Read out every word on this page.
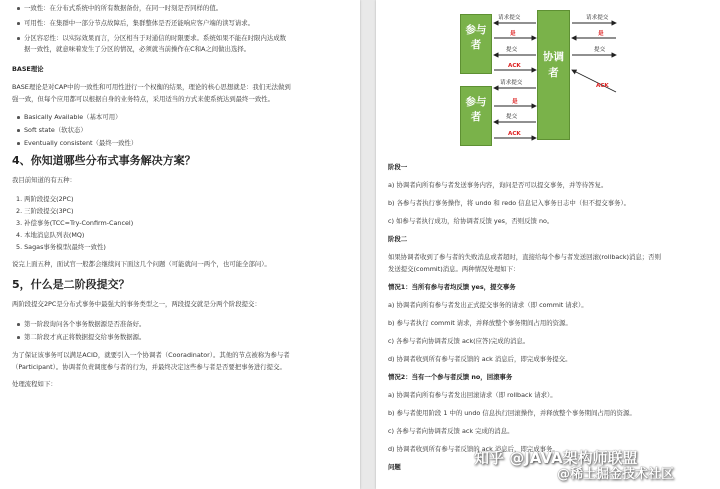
一致性：在分布式系统中的所有数据备份，在同一时刻是否同样的值。
可用性：在集群中一部分节点故障后，集群整体是否还能响应客户端的读写请求。
分区容忍性：以实际效果而言，分区相当于对通信的时限要求。系统如果不能在时限内达成数
据一致性，就意味着发生了分区的情况，必须就当前操作在C和A之间做出选择。
BASE理论
BASE理论是对CAP中的一致性和可用性进行一个权衡的结果，理论的核心思想就是：我们无法做到
强一致，但每个应用都可以根据自身的业务特点，采用适当的方式来使系统达到最终一致性。
Basically Available（基本可用）
Soft state（软状态）
Eventually consistent（最终一致性）
4、你知道哪些分布式事务解决方案？
我目前知道的有五种：
1. 两阶段提交(2PC)
2. 三阶段提交(3PC)
3. 补偿事务(TCC=Try-Confirm-Cancel)
4. 本地消息队列表(MQ)
5. Sagas事务模型(最终一致性)
说完上面五种，面试官一般都会继续问下面这几个问题（可能就问一两个，也可能全部问）。
5，什么是二阶段提交？
两阶段提交2PC是分布式事务中最强大的事务类型之一，两段提交就是分两个阶段提交：
第一阶段询问各个事务数据源是否准备好。
第二阶段才真正将数据提交给事务数据源。
为了保证该事务可以满足ACID，就要引入一个协调者（Cooradinator）。其他的节点被称为参与者
（Participant）。协调者负责调度参与者的行为，并最终决定这些参与者是否要把事务进行提交。
处理流程如下：
参与者
参与者
协调者
请求提交
是
提交
ACK
请求提交
是
提交
ACK
请求提交
是
提交
ACK
阶段一
a) 协调者向所有参与者发送事务内容，询问是否可以提交事务，并等待答复。
b) 各参与者执行事务操作，将 undo 和 redo 信息记入事务日志中（但不提交事务）。
c) 如参与者执行成功，给协调者反馈 yes，否则反馈 no。
阶段二
如果协调者收到了参与者的失败消息或者超时，直接给每个参与者发送回滚(rollback)消息；否则
发送提交(commit)消息。两种情况处理如下：
情况1：当所有参与者均反馈 yes，提交事务
a) 协调者向所有参与者发出正式提交事务的请求（即 commit 请求）。
b) 参与者执行 commit 请求，并释放整个事务期间占用的资源。
c) 各参与者向协调者反馈 ack(应答)完成的消息。
d) 协调者收到所有参与者反馈的 ack 消息后，即完成事务提交。
情况2：当有一个参与者反馈 no，回滚事务
a) 协调者向所有参与者发出回滚请求（即 rollback 请求）。
b) 参与者使用阶段 1 中的 undo 信息执行回滚操作，并释放整个事务期间占用的资源。
c) 各参与者向协调者反馈 ack 完成的消息。
d) 协调者收到所有参与者反馈的 ack 消息后，即完成事务。
问题	知乎 @JAVA架构师联盟
@稀土掘金技术社区
